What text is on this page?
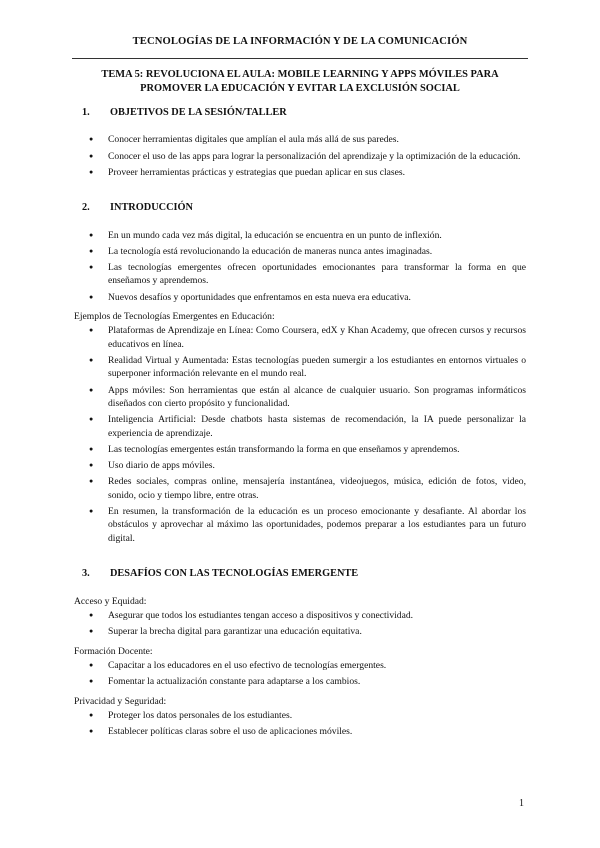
TECNOLOGÍAS DE LA INFORMACIÓN Y DE LA COMUNICACIÓN
TEMA 5: REVOLUCIONA EL AULA: MOBILE LEARNING Y APPS MÓVILES PARA
PROMOVER LA EDUCACIÓN Y EVITAR LA EXCLUSIÓN SOCIAL
1.	OBJETIVOS DE LA SESIÓN/TALLER
● Conocer herramientas digitales que amplían el aula más allá de sus paredes.
● Conocer el uso de las apps para lograr la personalización del aprendizaje y la optimización de la educación.
● Proveer herramientas prácticas y estrategias que puedan aplicar en sus clases.
2.	INTRODUCCIÓN
● En un mundo cada vez más digital, la educación se encuentra en un punto de inflexión.
● La tecnología está revolucionando la educación de maneras nunca antes imaginadas.
● Las tecnologías emergentes ofrecen oportunidades emocionantes para transformar la forma en que enseñamos y aprendemos.
● Nuevos desafíos y oportunidades que enfrentamos en esta nueva era educativa.
Ejemplos de Tecnologías Emergentes en Educación:
● Plataformas de Aprendizaje en Línea: Como Coursera, edX y Khan Academy, que ofrecen cursos y recursos educativos en línea.
● Realidad Virtual y Aumentada: Estas tecnologías pueden sumergir a los estudiantes en entornos virtuales o superponer información relevante en el mundo real.
● Apps móviles: Son herramientas que están al alcance de cualquier usuario. Son programas informáticos diseñados con cierto propósito y funcionalidad.
● Inteligencia Artificial: Desde chatbots hasta sistemas de recomendación, la IA puede personalizar la experiencia de aprendizaje.
● Las tecnologías emergentes están transformando la forma en que enseñamos y aprendemos.
● Uso diario de apps móviles.
● Redes sociales, compras online, mensajería instantánea, videojuegos, música, edición de fotos, video, sonido, ocio y tiempo libre, entre otras.
● En resumen, la transformación de la educación es un proceso emocionante y desafiante. Al abordar los obstáculos y aprovechar al máximo las oportunidades, podemos preparar a los estudiantes para un futuro digital.
3.	DESAFÍOS CON LAS TECNOLOGÍAS EMERGENTE
Acceso y Equidad:
● Asegurar que todos los estudiantes tengan acceso a dispositivos y conectividad.
● Superar la brecha digital para garantizar una educación equitativa.
Formación Docente:
● Capacitar a los educadores en el uso efectivo de tecnologías emergentes.
● Fomentar la actualización constante para adaptarse a los cambios.
Privacidad y Seguridad:
● Proteger los datos personales de los estudiantes.
● Establecer políticas claras sobre el uso de aplicaciones móviles.
1
